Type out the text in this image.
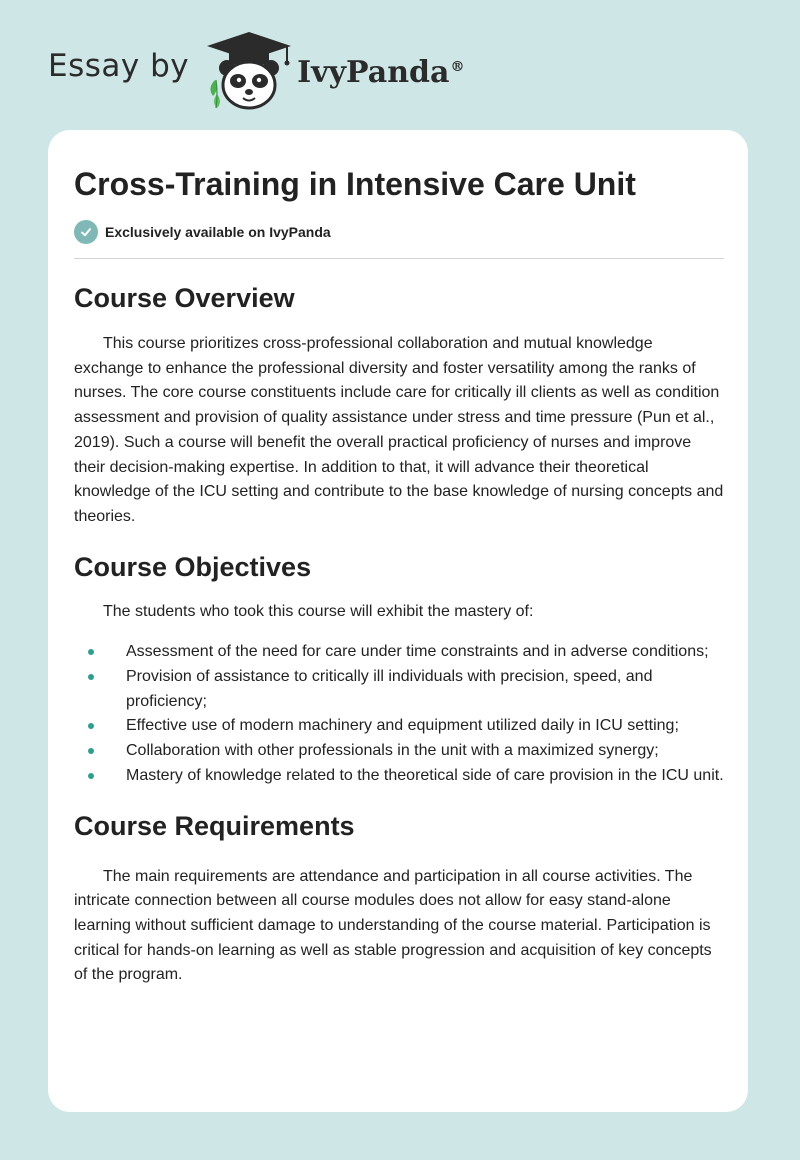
Essay by	IvyPanda®
Cross-Training in Intensive Care Unit
Exclusively available on IvyPanda
Course Overview

This course prioritizes cross-professional collaboration and mutual knowledge exchange to enhance the professional diversity and foster versatility among the ranks of nurses. The core course constituents include care for critically ill clients as well as condition assessment and provision of quality assistance under stress and time pressure (Pun et al., 2019). Such a course will benefit the overall practical proficiency of nurses and improve their decision-making expertise. In addition to that, it will advance their theoretical knowledge of the ICU setting and contribute to the base knowledge of nursing concepts and theories.

Course Objectives

The students who took this course will exhibit the mastery of:

Assessment of the need for care under time constraints and in adverse conditions;
Provision of assistance to critically ill individuals with precision, speed, and proficiency;
Effective use of modern machinery and equipment utilized daily in ICU setting;
Collaboration with other professionals in the unit with a maximized synergy;
Mastery of knowledge related to the theoretical side of care provision in the ICU unit.
Course Requirements

The main requirements are attendance and participation in all course activities. The intricate connection between all course modules does not allow for easy stand-alone learning without sufficient damage to understanding of the course material. Participation is critical for hands-on learning as well as stable progression and acquisition of key concepts of the program.
